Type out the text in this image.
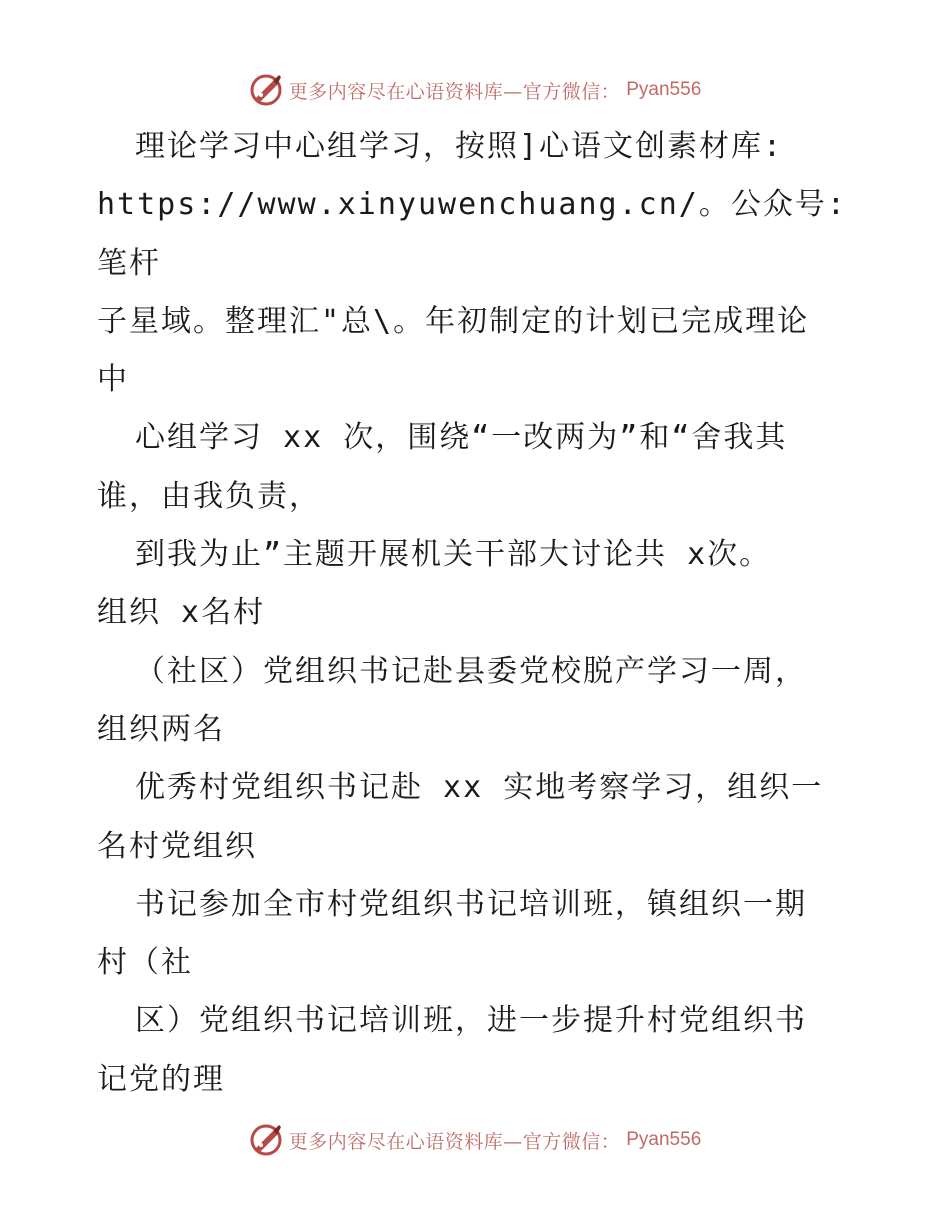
更多内容尽在心语资料库—官方微信： Pyan556

理论学习中心组学习，按照]心语文创素材库:

https://www.xinyuwenchuang.cn/。公众号: 笔杆

子星域。整理汇"总\。年初制定的计划已完成理论

中

心组学习 xx 次，围绕“一改两为”和“舍我其

谁，由我负责，

到我为止”主题开展机关干部大讨论共 x次。

组织 x名村

（社区）党组织书记赴县委党校脱产学习一周，

组织两名

优秀村党组织书记赴 xx 实地考察学习，组织一

名村党组织

书记参加全市村党组织书记培训班，镇组织一期

村（社

区）党组织书记培训班，进一步提升村党组织书

记党的理

更多内容尽在心语资料库—官方微信： Pyan556
